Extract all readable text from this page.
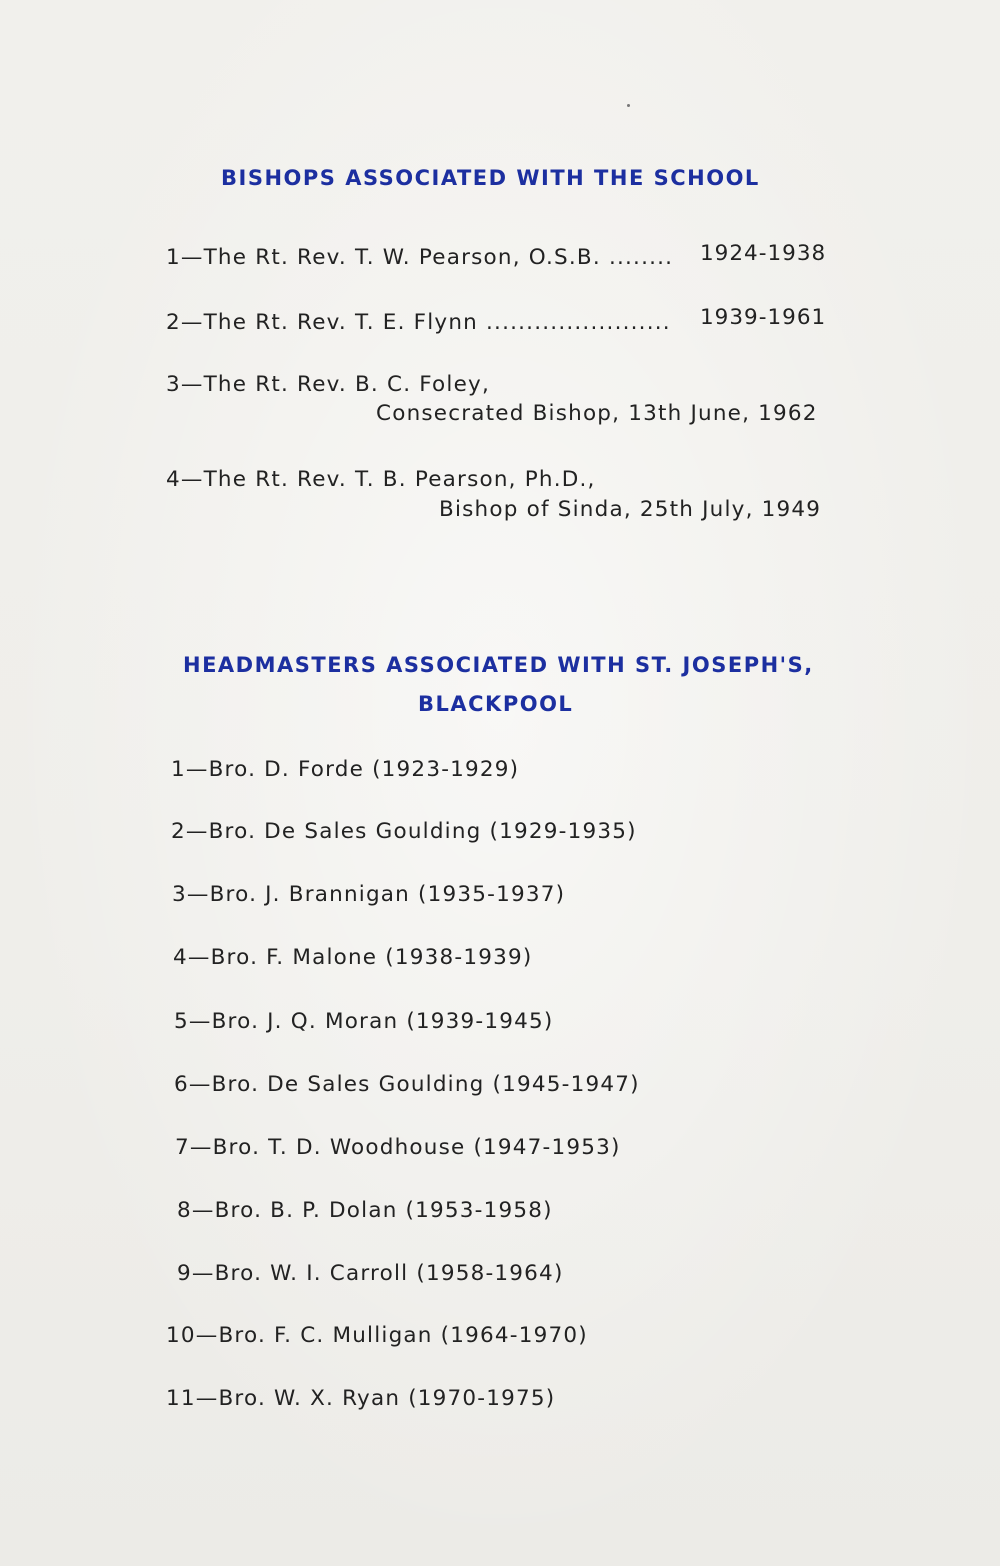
BISHOPS ASSOCIATED WITH THE SCHOOL
1—The Rt. Rev. T. W. Pearson, O.S.B. ........ 1924-1938
2—The Rt. Rev. T. E. Flynn ....................... 1939-1961
3—The Rt. Rev. B. C. Foley,
Consecrated Bishop, 13th June, 1962
4—The Rt. Rev. T. B. Pearson, Ph.D.,
Bishop of Sinda, 25th July, 1949
HEADMASTERS ASSOCIATED WITH ST. JOSEPH'S,
BLACKPOOL
1—Bro. D. Forde (1923-1929)
2—Bro. De Sales Goulding (1929-1935)
3—Bro. J. Brannigan (1935-1937)
4—Bro. F. Malone (1938-1939)
5—Bro. J. Q. Moran (1939-1945)
6—Bro. De Sales Goulding (1945-1947)
7—Bro. T. D. Woodhouse (1947-1953)
8—Bro. B. P. Dolan (1953-1958)
9—Bro. W. I. Carroll (1958-1964)
10—Bro. F. C. Mulligan (1964-1970)
11—Bro. W. X. Ryan (1970-1975)
